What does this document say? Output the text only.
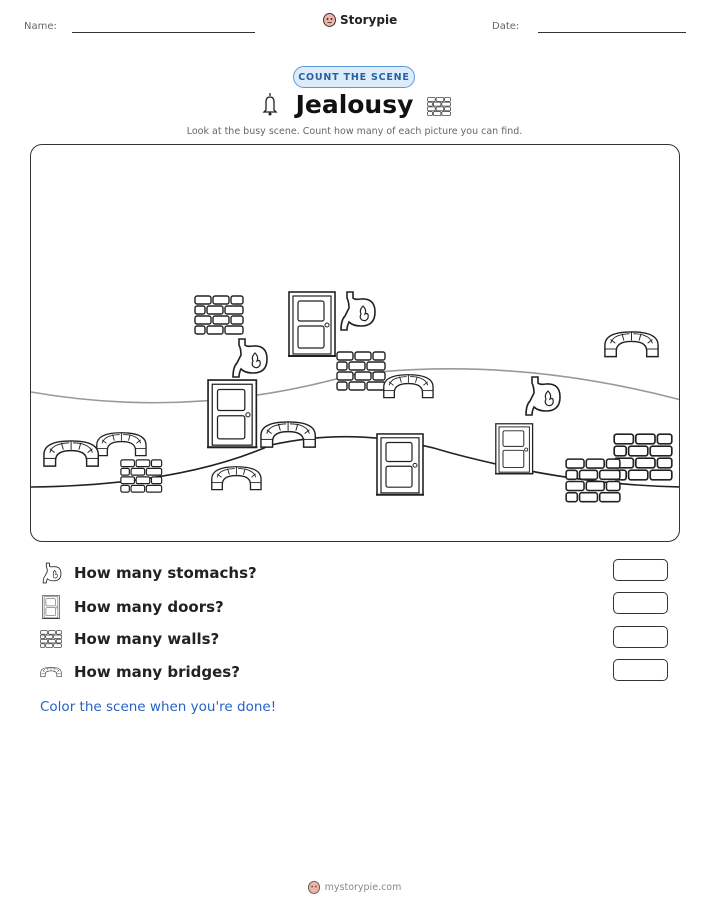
Name:	Storypie	Date:
COUNT THE SCENE
Jealousy
Look at the busy scene. Count how many of each picture you can find.
How many stomachs?
How many doors?
How many walls?
How many bridges?
Color the scene when you're done!
mystorypie.com
